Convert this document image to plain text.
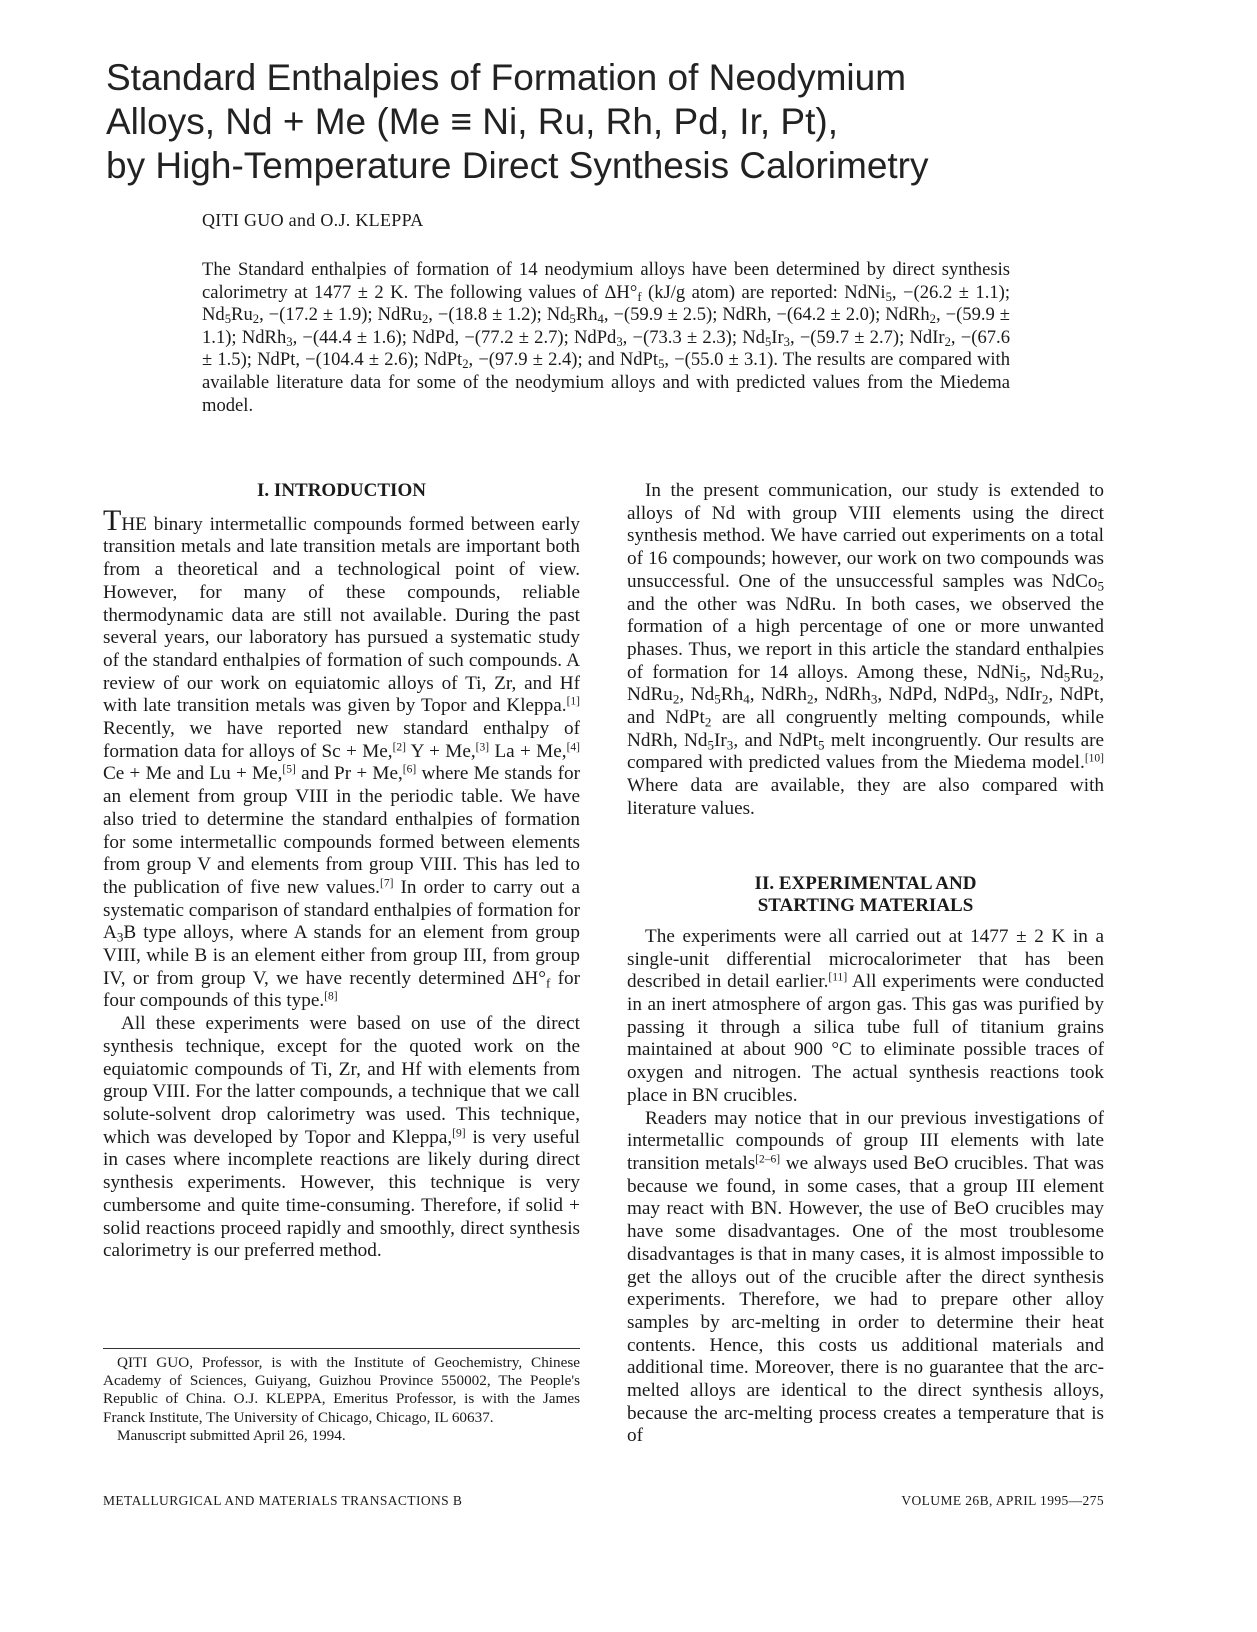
Standard Enthalpies of Formation of Neodymium
Alloys, Nd + Me (Me ≡ Ni, Ru, Rh, Pd, Ir, Pt),
by High-Temperature Direct Synthesis Calorimetry
QITI GUO and O.J. KLEPPA
The Standard enthalpies of formation of 14 neodymium alloys have been determined by direct synthesis calorimetry at 1477 ± 2 K. The following values of $\Delta H^\circ_f$ (kJ/g atom) are reported: NdNi$_5$, −(26.2 ± 1.1); $Nd_5Ru_2$, −(17.2 ± 1.9); NdRu$_2$, −(18.8 ± 1.2); $Nd_5Rh_4$, −(59.9 ± 2.5); NdRh, −(64.2 ± 2.0); NdRh$_2$, −(59.9 ± 1.1); NdRh$_3$, −(44.4 ± 1.6); NdPd, −(77.2 ± 2.7); NdPd$_3$, −(73.3 ± 2.3); $Nd_5Ir_3$, −(59.7 ± 2.7); NdIr$_2$, −(67.6 ± 1.5); NdPt, −(104.4 ± 2.6); NdPt$_2$, −(97.9 ± 2.4); and NdPt$_5$, −(55.0 ± 3.1). The results are compared with available literature data for some of the neodymium alloys and with predicted values from the Miedema model.
I. INTRODUCTION

THE binary intermetallic compounds formed between early transition metals and late transition metals are important both from a theoretical and a technological point of view. However, for many of these compounds, reliable thermodynamic data are still not available. During the past several years, our laboratory has pursued a systematic study of the standard enthalpies of formation of such compounds. A review of our work on equiatomic alloys of Ti, Zr, and Hf with late transition metals was given by Topor and Kleppa.[1] Recently, we have reported new standard enthalpy of formation data for alloys of Sc + Me,[2] Y + Me,[3] La + Me,[4] Ce + Me and Lu + Me,[5] and Pr + Me,[6] where Me stands for an element from group VIII in the periodic table. We have also tried to determine the standard enthalpies of formation for some intermetallic compounds formed between elements from group V and elements from group VIII. This has led to the publication of five new values.[7] In order to carry out a systematic comparison of standard enthalpies of formation for $A_3B$ type alloys, where A stands for an element from group VIII, while B is an element either from group III, from group IV, or from group V, we have recently determined $\Delta H^\circ_f$ for four compounds of this type.[8]

All these experiments were based on use of the direct synthesis technique, except for the quoted work on the equiatomic compounds of Ti, Zr, and Hf with elements from group VIII. For the latter compounds, a technique that we call solute-solvent drop calorimetry was used. This technique, which was developed by Topor and Kleppa,[9] is very useful in cases where incomplete reactions are likely during direct synthesis experiments. However, this technique is very cumbersome and quite time-consuming. Therefore, if solid + solid reactions proceed rapidly and smoothly, direct synthesis calorimetry is our preferred method.

In the present communication, our study is extended to alloys of Nd with group VIII elements using the direct synthesis method. We have carried out experiments on a total of 16 compounds; however, our work on two compounds was unsuccessful. One of the unsuccessful samples was NdCo$_5$ and the other was NdRu. In both cases, we observed the formation of a high percentage of one or more unwanted phases. Thus, we report in this article the standard enthalpies of formation for 14 alloys. Among these, NdNi$_5$, $Nd_5Ru_2$, NdRu$_2$, $Nd_5Rh_4$, NdRh$_2$, NdRh$_3$, NdPd, NdPd$_3$, NdIr$_2$, NdPt, and NdPt$_2$ are all congruently melting compounds, while NdRh, $Nd_5Ir_3$, and NdPt$_5$ melt incongruently. Our results are compared with predicted values from the Miedema model.[10] Where data are available, they are also compared with literature values.

II. EXPERIMENTAL AND
STARTING MATERIALS

The experiments were all carried out at 1477 ± 2 K in a single-unit differential microcalorimeter that has been described in detail earlier.[11] All experiments were conducted in an inert atmosphere of argon gas. This gas was purified by passing it through a silica tube full of titanium grains maintained at about 900 °C to eliminate possible traces of oxygen and nitrogen. The actual synthesis reactions took place in BN crucibles.

Readers may notice that in our previous investigations of intermetallic compounds of group III elements with late transition metals[2–6] we always used BeO crucibles. That was because we found, in some cases, that a group III element may react with BN. However, the use of BeO crucibles may have some disadvantages. One of the most troublesome disadvantages is that in many cases, it is almost impossible to get the alloys out of the crucible after the direct synthesis experiments. Therefore, we had to prepare other alloy samples by arc-melting in order to determine their heat contents. Hence, this costs us additional materials and additional time. Moreover, there is no guarantee that the arc-melted alloys are identical to the direct synthesis alloys, because the arc-melting process creates a temperature that is of

QITI GUO, Professor, is with the Institute of Geochemistry, Chinese Academy of Sciences, Guiyang, Guizhou Province 550002, The People's Republic of China. O.J. KLEPPA, Emeritus Professor, is with the James Franck Institute, The University of Chicago, Chicago, IL 60637.

Manuscript submitted April 26, 1994.

METALLURGICAL AND MATERIALS TRANSACTIONS B	VOLUME 26B, APRIL 1995—275
